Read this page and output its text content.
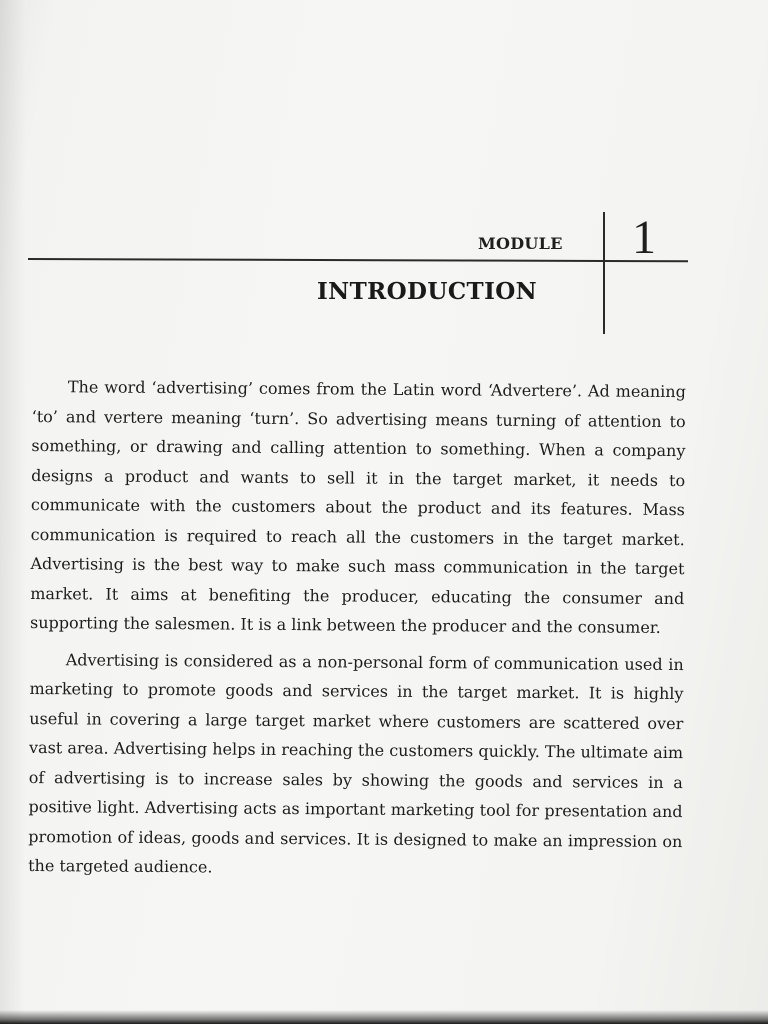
MODULE 1
INTRODUCTION

The word ‘advertising’ comes from the Latin word ‘Advertere’. Ad meaning ‘to’ and vertere meaning ‘turn’. So advertising means turning of attention to something, or drawing and calling attention to something. When a company designs a product and wants to sell it in the target market, it needs to communicate with the customers about the product and its features. Mass communication is required to reach all the customers in the target market. Advertising is the best way to make such mass communication in the target market. It aims at benefiting the producer, educating the consumer and supporting the salesmen. It is a link between the producer and the consumer.

Advertising is considered as a non-personal form of communication used in marketing to promote goods and services in the target market. It is highly useful in covering a large target market where customers are scattered over vast area. Advertising helps in reaching the customers quickly. The ultimate aim of advertising is to increase sales by showing the goods and services in a positive light. Advertising acts as important marketing tool for presentation and promotion of ideas, goods and services. It is designed to make an impression on the targeted audience.
